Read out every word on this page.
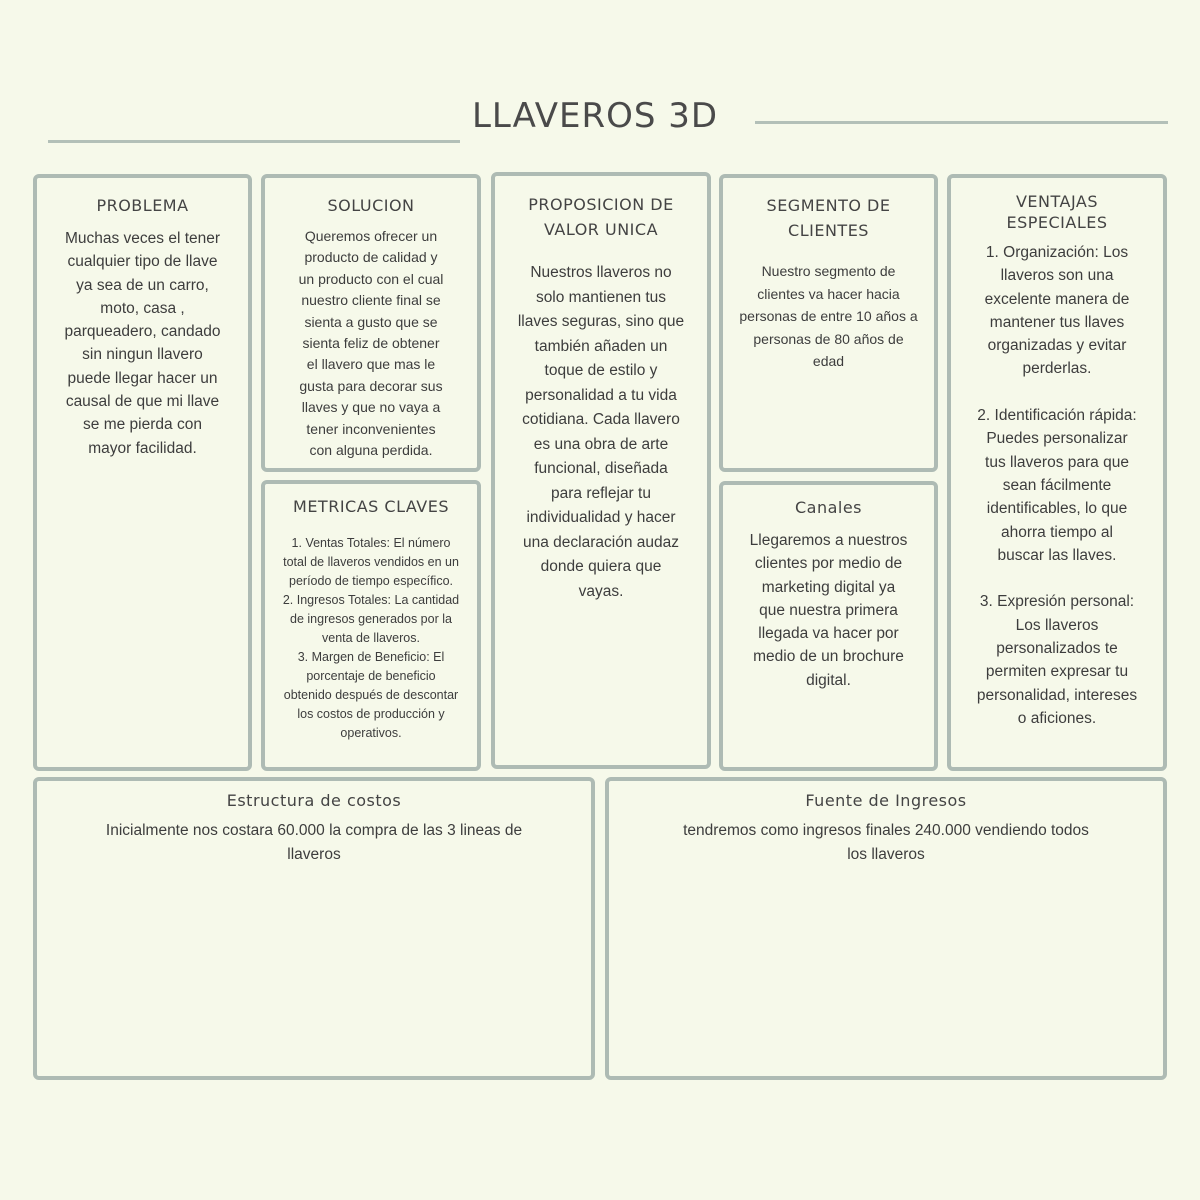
LLAVEROS 3D
PROBLEMA

Muchas veces el tener
cualquier tipo de llave
ya sea de un carro,
moto, casa ,
parqueadero, candado
sin ningun llavero
puede llegar hacer un
causal de que mi llave
se me pierda con
mayor facilidad.

SOLUCION

Queremos ofrecer un
producto de calidad y
un producto con el cual
nuestro cliente final se
sienta a gusto que se
sienta feliz de obtener
el llavero que mas le
gusta para decorar sus
llaves y que no vaya a
tener inconvenientes
con alguna perdida.

METRICAS CLAVES

1. Ventas Totales: El número
total de llaveros vendidos en un
período de tiempo específico.
2. Ingresos Totales: La cantidad
de ingresos generados por la
venta de llaveros.
3. Margen de Beneficio: El
porcentaje de beneficio
obtenido después de descontar
los costos de producción y
operativos.

PROPOSICION DE
VALOR UNICA

Nuestros llaveros no
solo mantienen tus
llaves seguras, sino que
también añaden un
toque de estilo y
personalidad a tu vida
cotidiana. Cada llavero
es una obra de arte
funcional, diseñada
para reflejar tu
individualidad y hacer
una declaración audaz
donde quiera que
vayas.

SEGMENTO DE
CLIENTES

Nuestro segmento de
clientes va hacer hacia
personas de entre 10 años a
personas de 80 años de
edad

Canales

Llegaremos a nuestros
clientes por medio de
marketing digital ya
que nuestra primera
llegada va hacer por
medio de un brochure
digital.

VENTAJAS
ESPECIALES

1. Organización: Los
llaveros son una
excelente manera de
mantener tus llaves
organizadas y evitar
perderlas.

2. Identificación rápida:
Puedes personalizar
tus llaveros para que
sean fácilmente
identificables, lo que
ahorra tiempo al
buscar las llaves.

3. Expresión personal:
Los llaveros
personalizados te
permiten expresar tu
personalidad, intereses
o aficiones.

Estructura de costos

Inicialmente nos costara 60.000 la compra de las 3 lineas de
llaveros

Fuente de Ingresos

tendremos como ingresos finales 240.000 vendiendo todos
los llaveros
